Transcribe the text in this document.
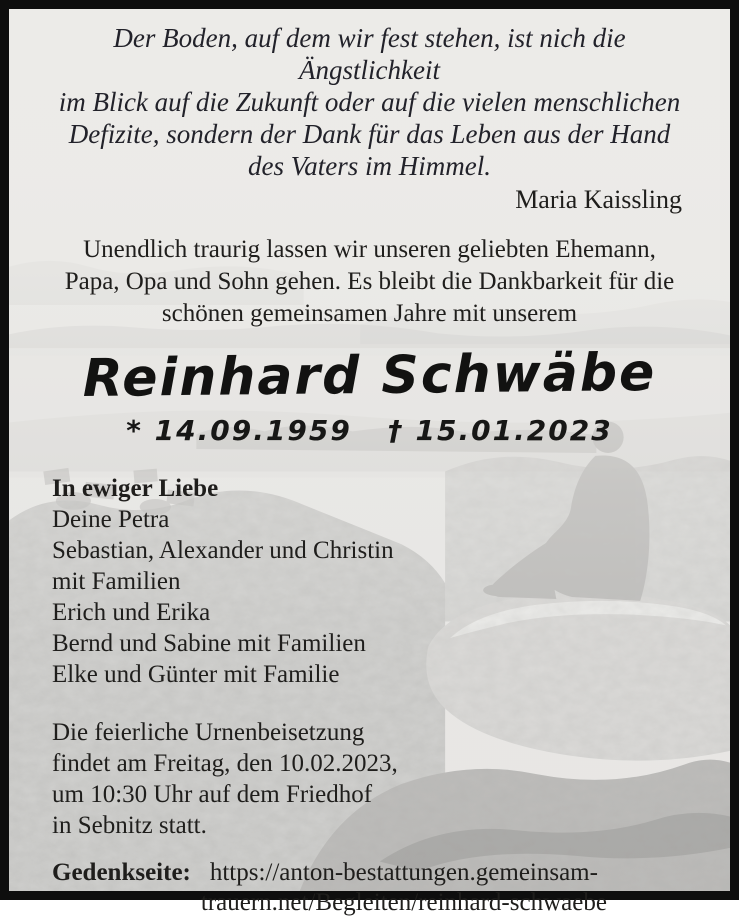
Der Boden, auf dem wir fest stehen, ist nich die Ängstlichkeit
im Blick auf die Zukunft oder auf die vielen menschlichen
Defizite, sondern der Dank für das Leben aus der Hand
des Vaters im Himmel.
Maria Kaissling
Unendlich traurig lassen wir unseren geliebten Ehemann,
Papa, Opa und Sohn gehen. Es bleibt die Dankbarkeit für die
schönen gemeinsamen Jahre mit unserem
Reinhard Schwäbe
* 14.09.1959 † 15.01.2023
In ewiger Liebe
Deine Petra
Sebastian, Alexander und Christin
mit Familien
Erich und Erika
Bernd und Sabine mit Familien
Elke und Günter mit Familie
Die feierliche Urnenbeisetzung
findet am Freitag, den 10.02.2023,
um 10:30 Uhr auf dem Friedhof
in Sebnitz statt.
Gedenkseite: https://anton-bestattungen.gemeinsam-
trauern.net/Begleiten/reinhard-schwaebe
